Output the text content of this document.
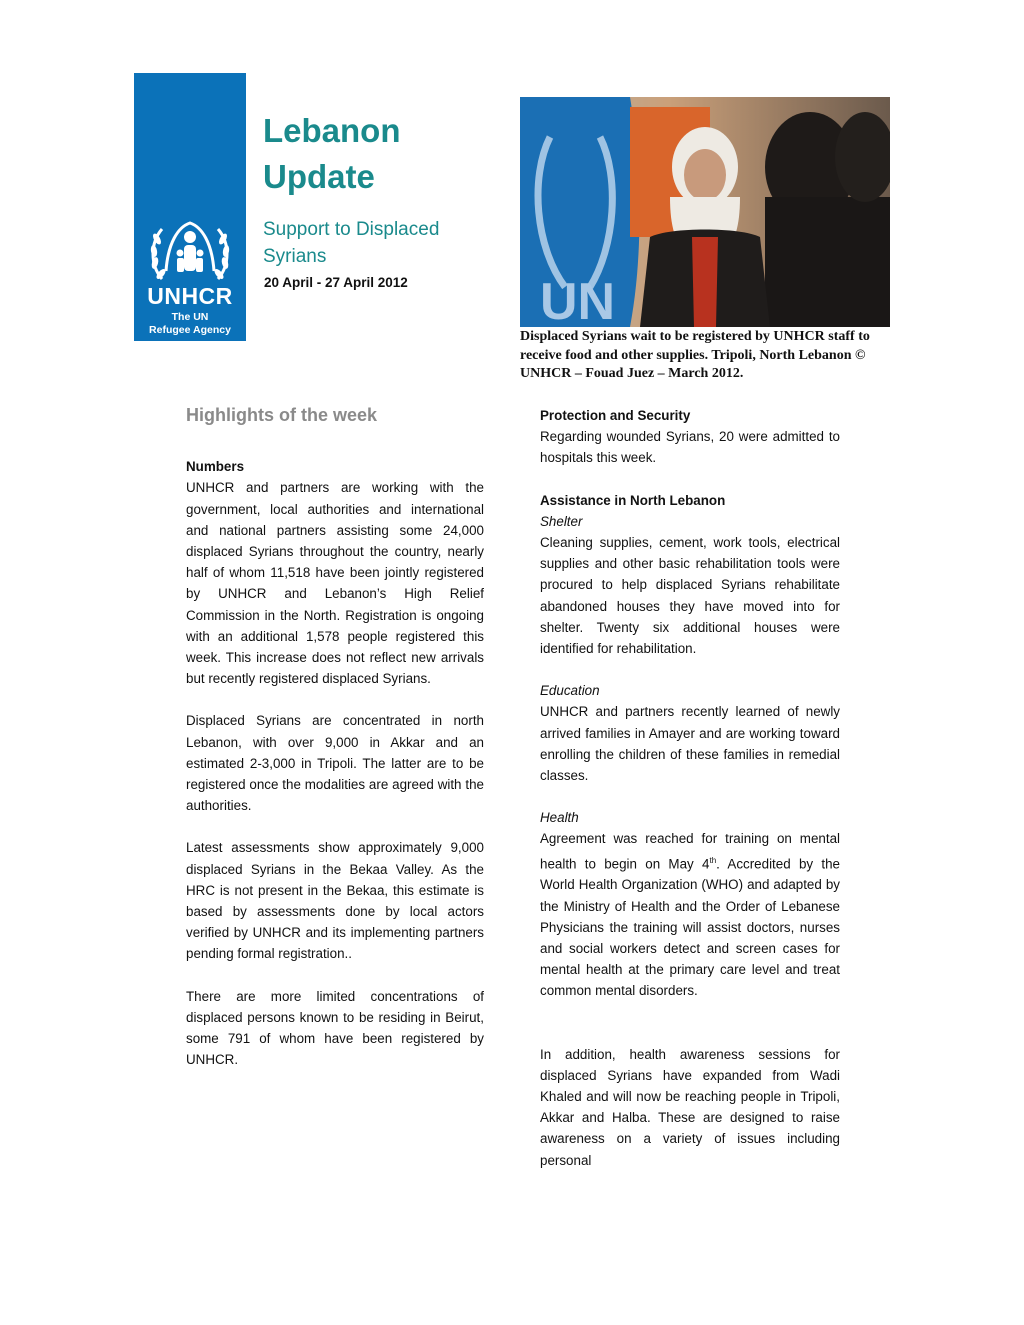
UNHCR
The UN
Refugee Agency
Lebanon
Update
Support to Displaced Syrians
20 April - 27 April 2012	UN
Displaced Syrians wait to be registered by UNHCR staff to receive food and other supplies. Tripoli, North Lebanon © UNHCR – Fouad Juez – March 2012.
Highlights of the week
Numbers

UNHCR and partners are working with the government, local authorities and international and national partners assisting some 24,000 displaced Syrians throughout the country, nearly half of whom 11,518 have been jointly registered by UNHCR and Lebanon’s High Relief Commission in the North. Registration is ongoing with an additional 1,578 people registered this week. This increase does not reflect new arrivals but recently registered displaced Syrians.

Displaced Syrians are concentrated in north Lebanon, with over 9,000 in Akkar and an estimated 2-3,000 in Tripoli. The latter are to be registered once the modalities are agreed with the authorities.

Latest assessments show approximately 9,000 displaced Syrians in the Bekaa Valley. As the HRC is not present in the Bekaa, this estimate is based by assessments done by local actors verified by UNHCR and its implementing partners pending formal registration..

There are more limited concentrations of displaced persons known to be residing in Beirut, some 791 of whom have been registered by UNHCR.

Protection and Security

Regarding wounded Syrians, 20 were admitted to hospitals this week.

Assistance in North Lebanon
Shelter

Cleaning supplies, cement, work tools, electrical supplies and other basic rehabilitation tools were procured to help displaced Syrians rehabilitate abandoned houses they have moved into for shelter. Twenty six additional houses were identified for rehabilitation.

Education

UNHCR and partners recently learned of newly arrived families in Amayer and are working toward enrolling the children of these families in remedial classes.

Health

Agreement was reached for training on mental health to begin on May 4th. Accredited by the World Health Organization (WHO) and adapted by the Ministry of Health and the Order of Lebanese Physicians the training will assist doctors, nurses and social workers detect and screen cases for mental health at the primary care level and treat common mental disorders.

In addition, health awareness sessions for displaced Syrians have expanded from Wadi Khaled and will now be reaching people in Tripoli, Akkar and Halba. These are designed to raise awareness on a variety of issues including personal
